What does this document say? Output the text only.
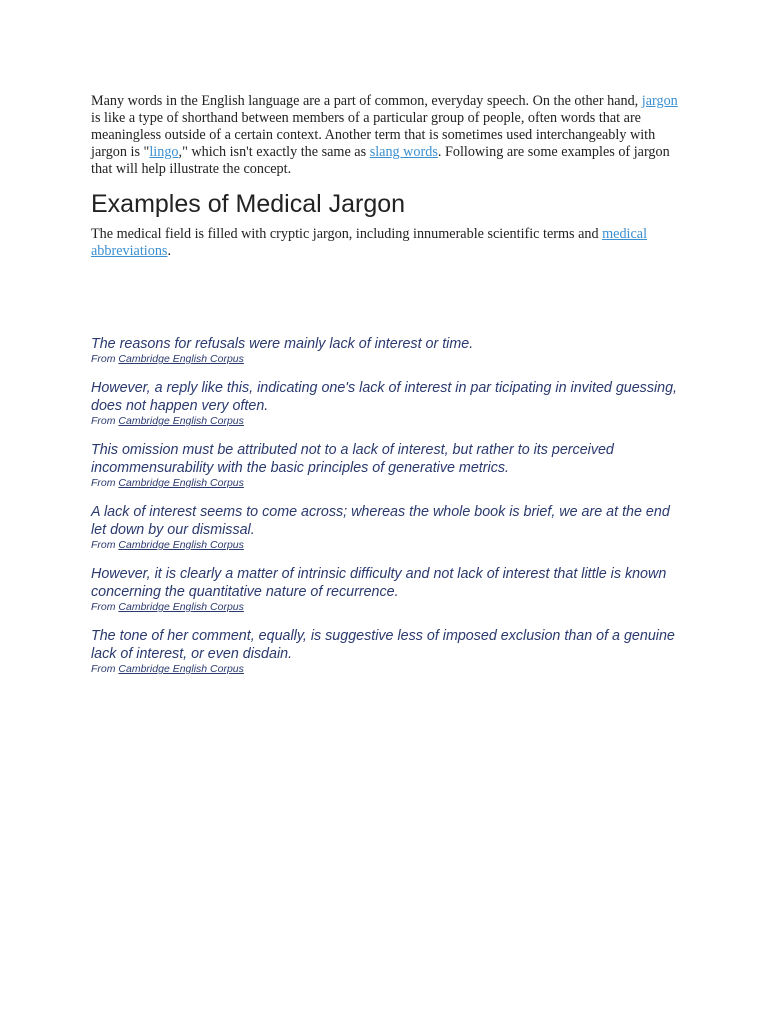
Many words in the English language are a part of common, everyday speech. On the other hand, jargon is like a type of shorthand between members of a particular group of people, often words that are meaningless outside of a certain context. Another term that is sometimes used interchangeably with jargon is "lingo," which isn't exactly the same as slang words. Following are some examples of jargon that will help illustrate the concept.

Examples of Medical Jargon

The medical field is filled with cryptic jargon, including innumerable scientific terms and medical abbreviations.

The reasons for refusals were mainly lack of interest or time.

From Cambridge English Corpus

However, a reply like this, indicating one's lack of interest in par ticipating in invited guessing, does not happen very often.

From Cambridge English Corpus

This omission must be attributed not to a lack of interest, but rather to its perceived incommensurability with the basic principles of generative metrics.

From Cambridge English Corpus

A lack of interest seems to come across; whereas the whole book is brief, we are at the end let down by our dismissal.

From Cambridge English Corpus

However, it is clearly a matter of intrinsic difficulty and not lack of interest that little is known concerning the quantitative nature of recurrence.

From Cambridge English Corpus

The tone of her comment, equally, is suggestive less of imposed exclusion than of a genuine lack of interest, or even disdain.

From Cambridge English Corpus
